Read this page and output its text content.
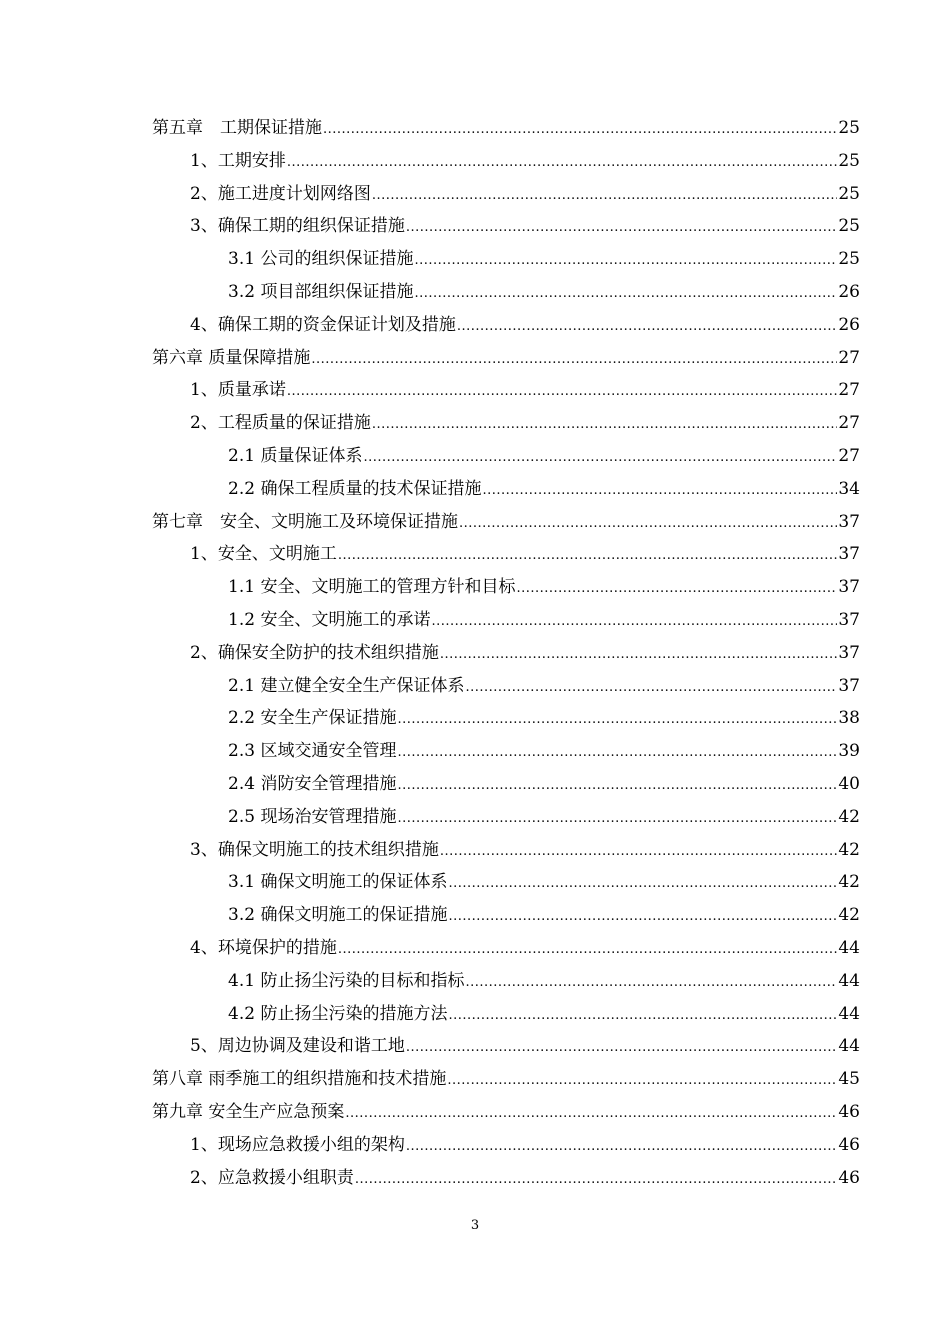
第五章　工期保证措施 .....	25
1、工期安排 .....	25
2、施工进度计划网络图 .....	25
3、确保工期的组织保证措施 .....	25
3.1 公司的组织保证措施 .....	25
3.2 项目部组织保证措施 .....	26
4、确保工期的资金保证计划及措施 .....	26
第六章 质量保障措施 .....	27
1、质量承诺 .....	27
2、工程质量的保证措施 .....	27
2.1 质量保证体系 .....	27
2.2 确保工程质量的技术保证措施 .....	34
第七章　安全、文明施工及环境保证措施 .....	37
1、安全、文明施工 .....	37
1.1 安全、文明施工的管理方针和目标 .....	37
1.2 安全、文明施工的承诺 .....	37
2、确保安全防护的技术组织措施 .....	37
2.1 建立健全安全生产保证体系 .....	37
2.2 安全生产保证措施 .....	38
2.3 区域交通安全管理 .....	39
2.4 消防安全管理措施 .....	40
2.5 现场治安管理措施 .....	42
3、确保文明施工的技术组织措施 .....	42
3.1 确保文明施工的保证体系 .....	42
3.2 确保文明施工的保证措施 .....	42
4、环境保护的措施 .....	44
4.1 防止扬尘污染的目标和指标 .....	44
4.2 防止扬尘污染的措施方法 .....	44
5、周边协调及建设和谐工地 .....	44
第八章 雨季施工的组织措施和技术措施 .....	45
第九章 安全生产应急预案 .....	46
1、现场应急救援小组的架构 .....	46
2、应急救援小组职责 .....	46
3
